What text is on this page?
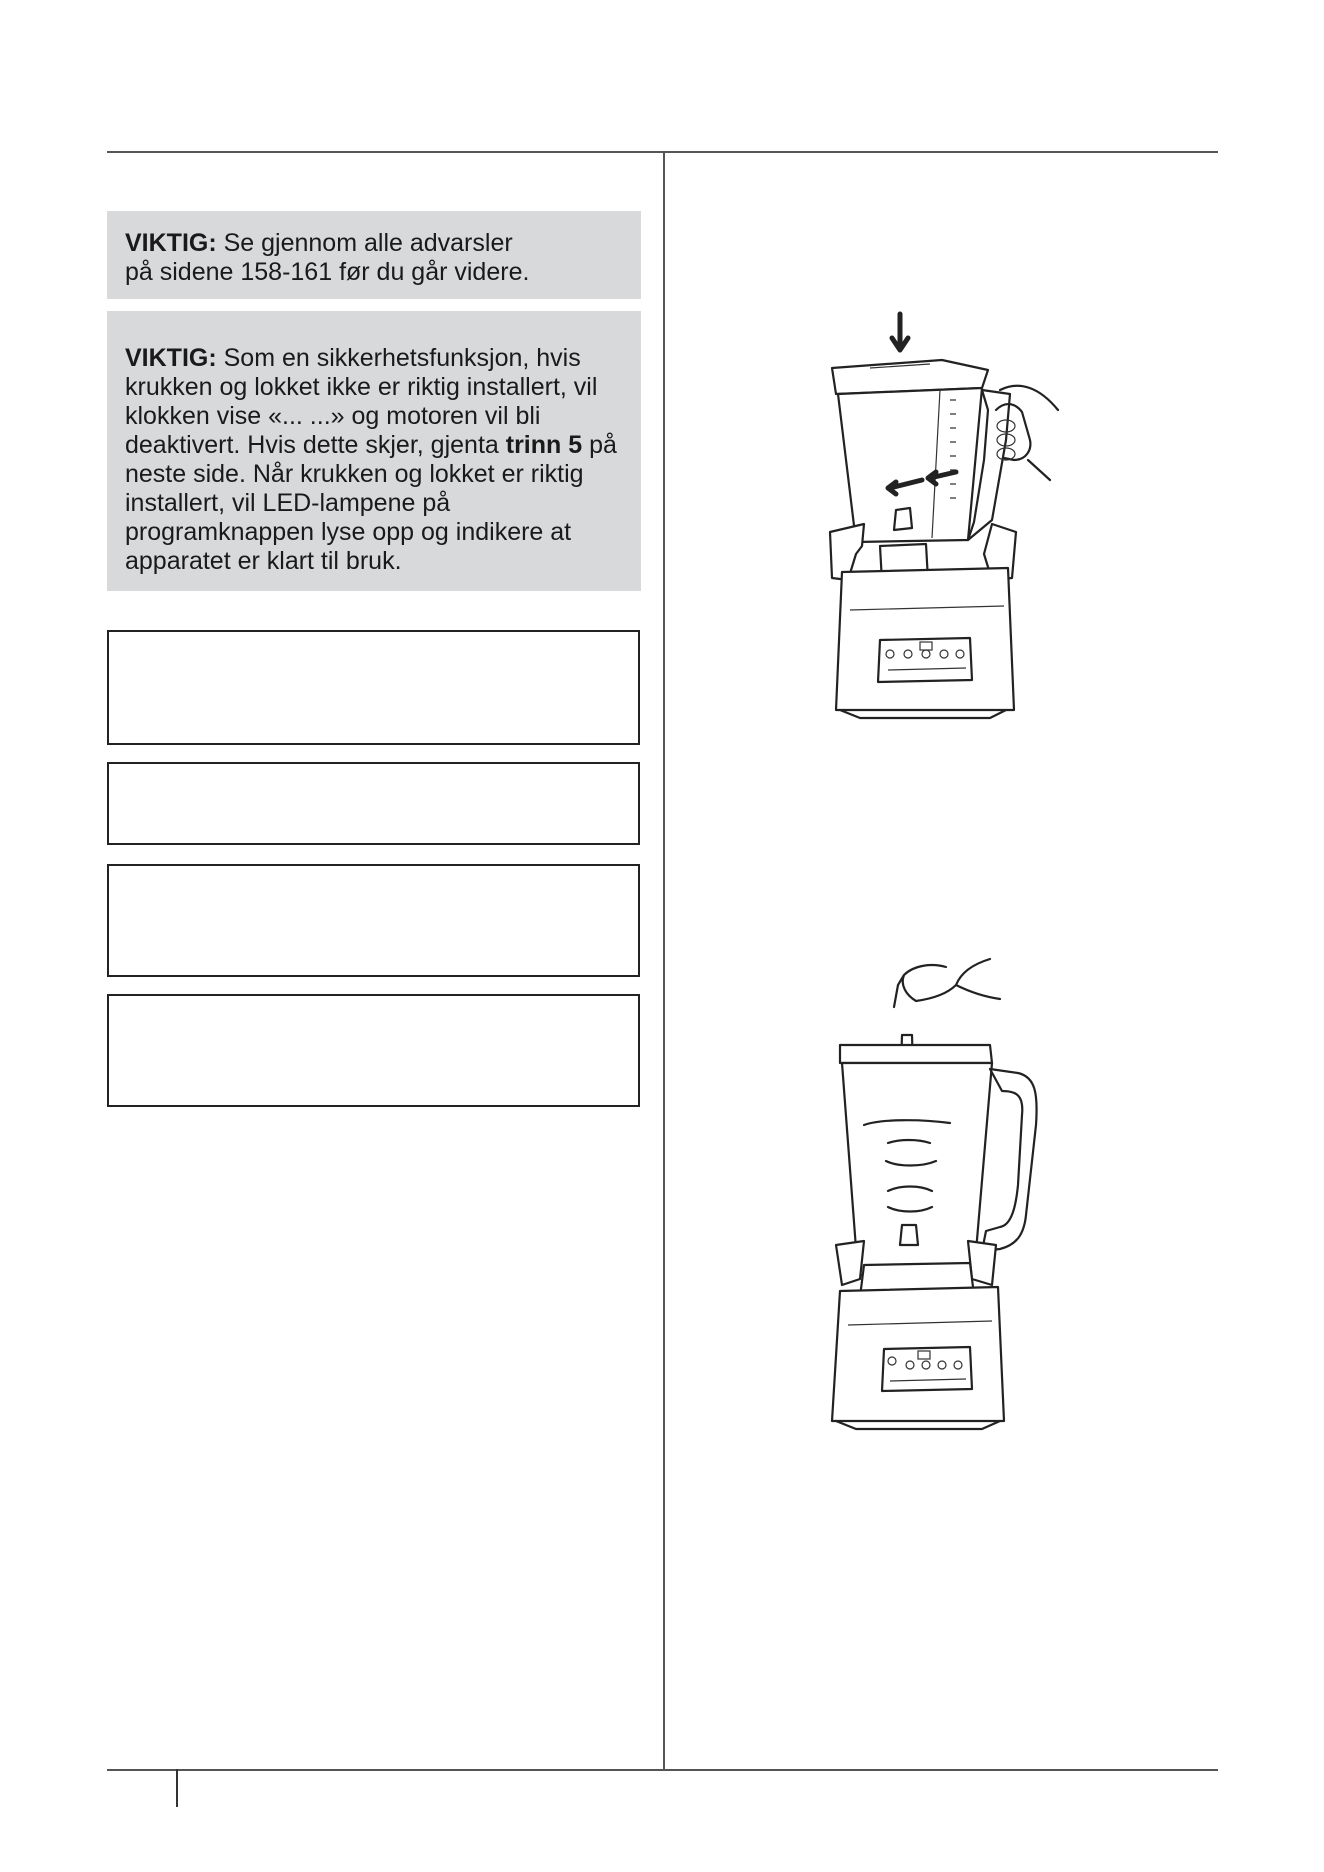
VIKTIG: Se gjennom alle advarsler
på sidene 158-161 før du går videre.
VIKTIG: Som en sikkerhetsfunksjon, hvis krukken og lokket ikke er riktig installert, vil klokken vise «... ...» og motoren vil bli deaktivert. Hvis dette skjer, gjenta trinn 5 på neste side. Når krukken og lokket er riktig installert, vil LED-lampene på programknappen lyse opp og indikere at apparatet er klart til bruk.
